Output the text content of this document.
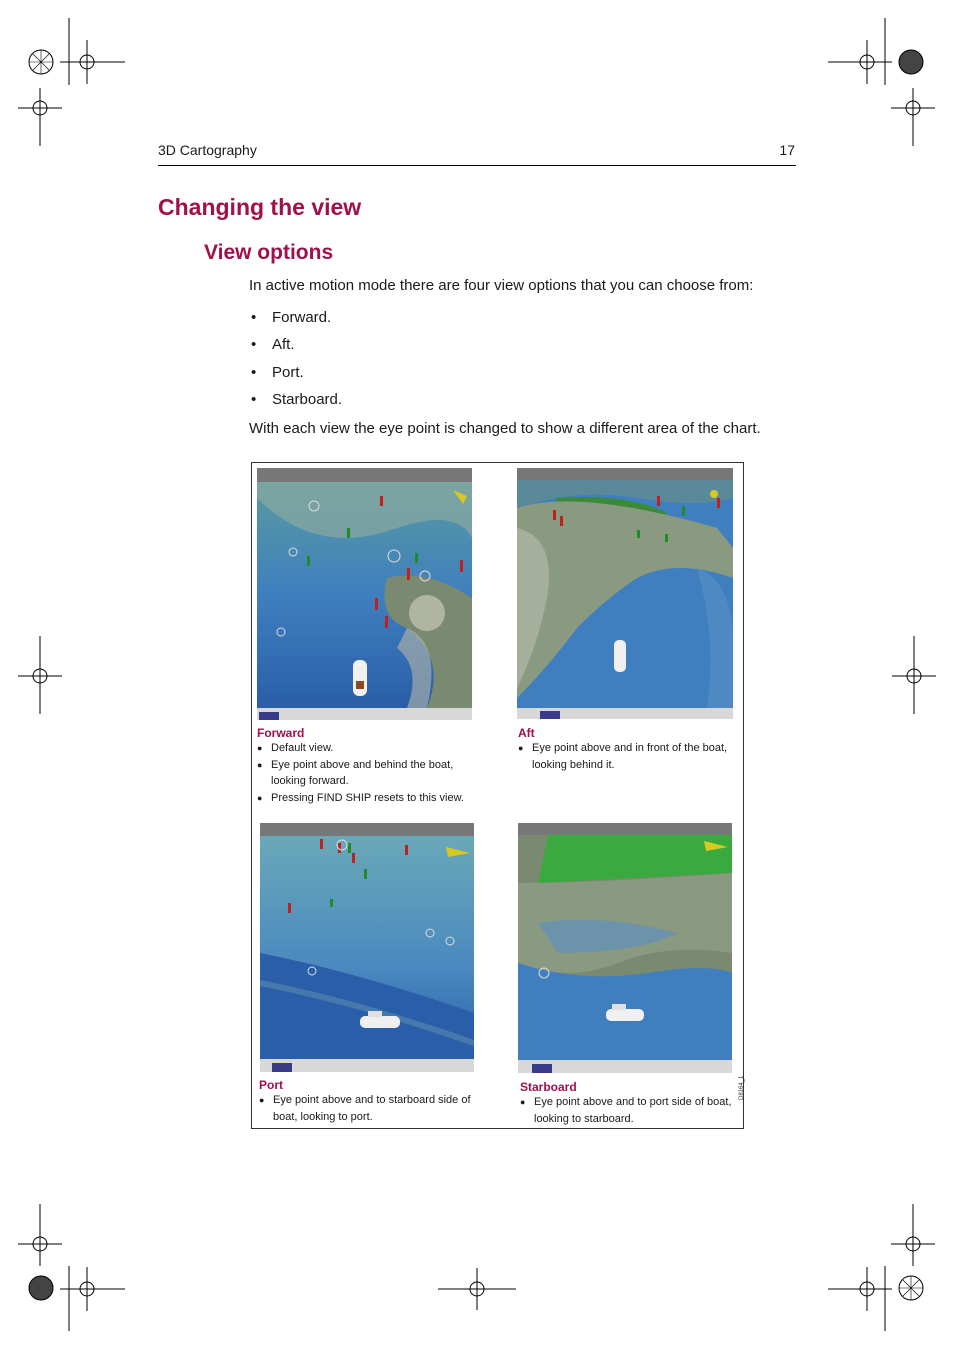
3D Cartography	17
Changing the view
View options
In active motion mode there are four view options that you can choose from:
• Forward.
• Aft.
• Port.
• Starboard.
With each view the eye point is changed to show a different area of the chart.
Forward
● Default view.
● Eye point above and behind the boat, looking forward.
● Pressing FIND SHIP resets to this view.
Aft
● Eye point above and in front of the boat, looking behind it.
Port
● Eye point above and to starboard side of boat, looking to port.
Starboard
● Eye point above and to port side of boat, looking to starboard.
D8164_1
